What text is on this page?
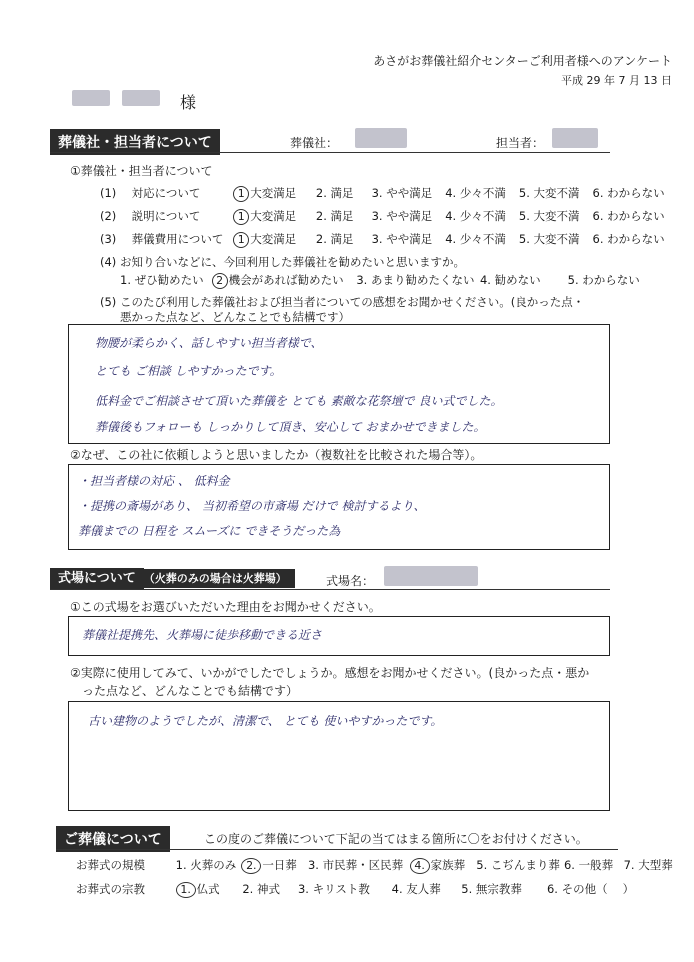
あさがお葬儀社紹介センターご利用者様へのアンケート
平成 29 年 7 月 13 日

様
葬儀社・担当者について	葬儀社：	担当者：
①葬儀社・担当者について
(1) 対応について	1 大変満足 2. 満足 3. やや満足 4. 少々不満 5. 大変不満 6. わからない
(2) 説明について	1 大変満足 2. 満足 3. やや満足 4. 少々不満 5. 大変不満 6. わからない
(3) 葬儀費用について 1 大変満足 2. 満足 3. やや満足 4. 少々不満 5. 大変不満 6. わからない
(4) お知り合いなどに、今回利用した葬儀社を勧めたいと思いますか。
1. ぜひ勧めたい 2 機会があれば勧めたい 3. あまり勧めたくない 4. 勧めない 5. わからない
(5) このたび利用した葬儀社および担当者についての感想をお聞かせください。(良かった点・
悪かった点など、どんなことでも結構です）
物腰が柔らかく、話しやすい担当者様で、
とても ご相談 しやすかったです。
低料金でご相談させて頂いた葬儀を とても 素敵な花祭壇で 良い式でした。
葬儀後もフォローも しっかりして頂き、安心して おまかせできました。
②なぜ、この社に依頼しようと思いましたか（複数社を比較された場合等）。
・担当者様の対応 、 低料金
・提携の斎場があり、 当初希望の市斎場 だけで 検討するより、
葬儀までの 日程を スムーズに できそうだった為
式場について （火葬のみの場合は火葬場）	式場名：
①この式場をお選びいただいた理由をお聞かせください。
葬儀社提携先、火葬場に徒歩移動できる近さ
②実際に使用してみて、いかがでしたでしょうか。感想をお聞かせください。(良かった点・悪か
った点など、どんなことでも結構です）
古い建物のようでしたが、清潔で、 とても 使いやすかったです。
ご葬儀について	この度のご葬儀について下記の当てはまる箇所に〇をお付けください。
お葬式の規模	1. 火葬のみ 2. 一日葬 3. 市民葬・区民葬 4. 家族葬 5. こぢんまり葬 6. 一般葬 7. 大型葬
お葬式の宗教	1. 仏式 2. 神式 3. キリスト教 4. 友人葬 5. 無宗教葬 6. その他（ ）
